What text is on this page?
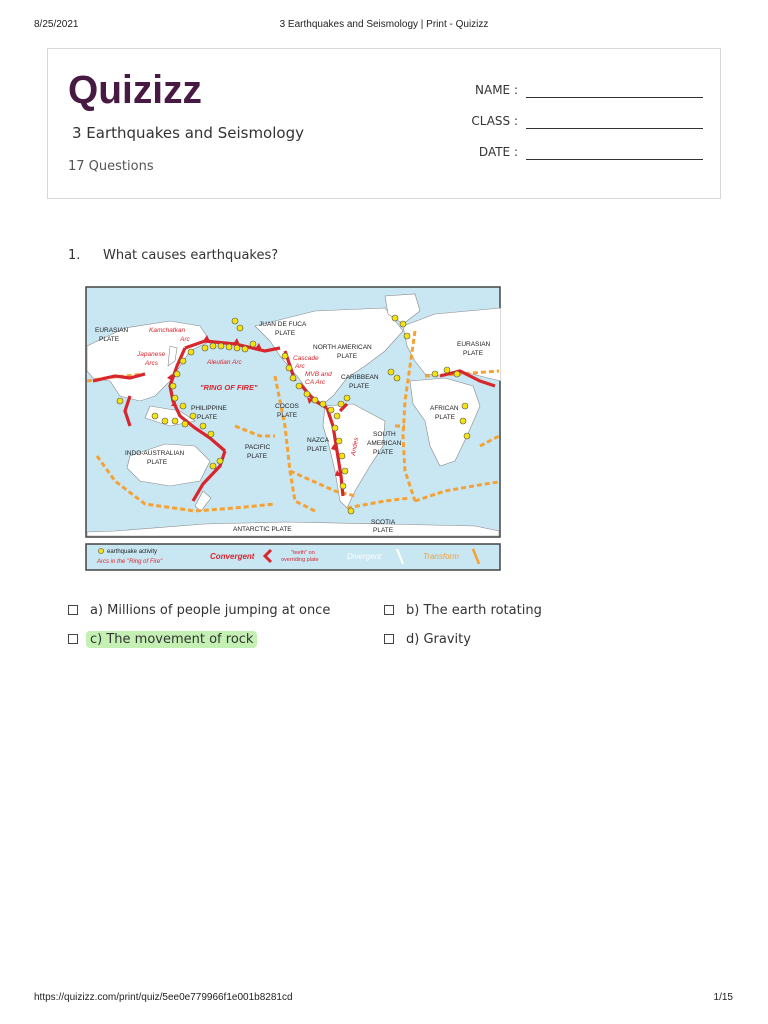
8/25/2021	3 Earthquakes and Seismology | Print - Quizizz
Quizizz
3 Earthquakes and Seismology
17 Questions
NAME :
CLASS :
DATE :
1. What causes earthquakes?
EURASIAN
PLATE
JUAN DE FUCA
PLATE
NORTH AMERICAN
PLATE
EURASIAN
PLATE
CARIBBEAN
PLATE
PHILIPPINE
PLATE
COCOS
PLATE
AFRICAN
PLATE
PACIFIC
PLATE
NAZCA
PLATE
SOUTH
AMERICAN
PLATE
INDO-AUSTRALIAN
PLATE
ANTARCTIC PLATE
SCOTIA
PLATE
Kamchatkan
Arc
Japanese
Arcs	Aleutian Arc
Cascade
Arc
MVB and
CA Arc
Andes
"RING OF FIRE"
earthquake activity
Arcs in the "Ring of Fire"
Convergent	"teeth" on
overriding plate	Divergent	Transform
a) Millions of people jumping at once	b) The earth rotating
c) The movement of rock	d) Gravity
https://quizizz.com/print/quiz/5ee0e779966f1e001b8281cd	1/15
